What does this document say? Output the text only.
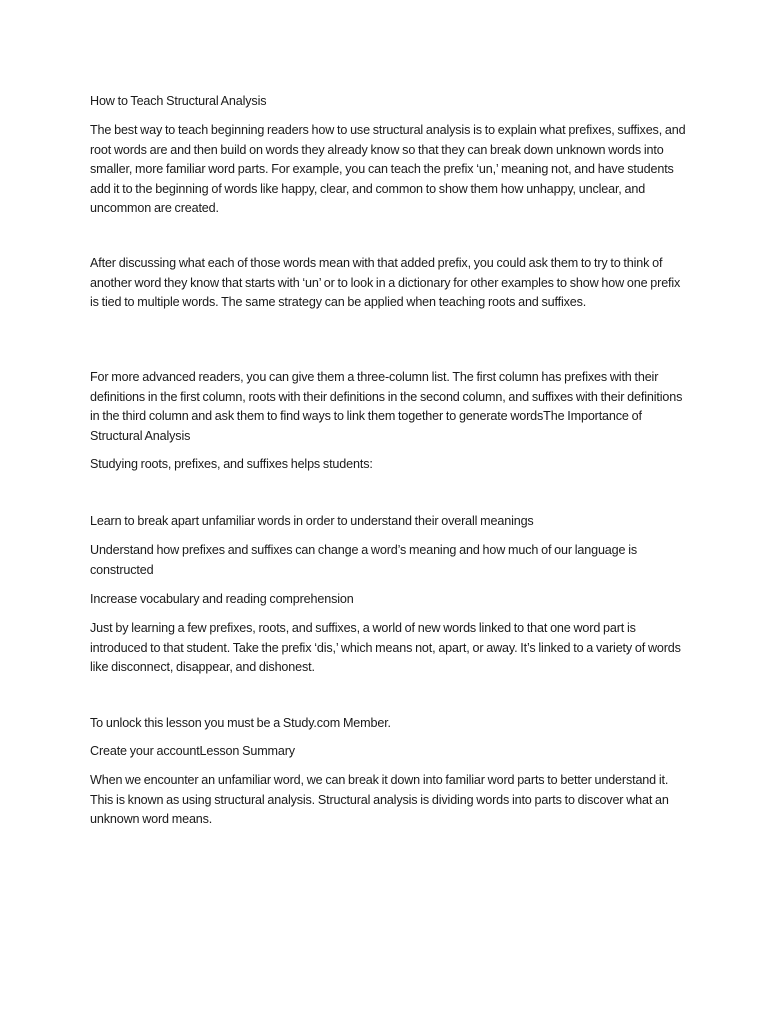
How to Teach Structural Analysis

The best way to teach beginning readers how to use structural analysis is to explain what prefixes, suffixes, and root words are and then build on words they already know so that they can break down unknown words into smaller, more familiar word parts. For example, you can teach the prefix ‘un,’ meaning not, and have students add it to the beginning of words like happy, clear, and common to show them how unhappy, unclear, and uncommon are created.

After discussing what each of those words mean with that added prefix, you could ask them to try to think of another word they know that starts with ‘un’ or to look in a dictionary for other examples to show how one prefix is tied to multiple words. The same strategy can be applied when teaching roots and suffixes.

For more advanced readers, you can give them a three-column list. The first column has prefixes with their definitions in the first column, roots with their definitions in the second column, and suffixes with their definitions in the third column and ask them to find ways to link them together to generate wordsThe Importance of Structural Analysis

Studying roots, prefixes, and suffixes helps students:

Learn to break apart unfamiliar words in order to understand their overall meanings

Understand how prefixes and suffixes can change a word’s meaning and how much of our language is constructed

Increase vocabulary and reading comprehension

Just by learning a few prefixes, roots, and suffixes, a world of new words linked to that one word part is introduced to that student. Take the prefix ‘dis,’ which means not, apart, or away. It’s linked to a variety of words like disconnect, disappear, and dishonest.

To unlock this lesson you must be a Study.com Member.

Create your accountLesson Summary

When we encounter an unfamiliar word, we can break it down into familiar word parts to better understand it. This is known as using structural analysis. Structural analysis is dividing words into parts to discover what an unknown word means.
